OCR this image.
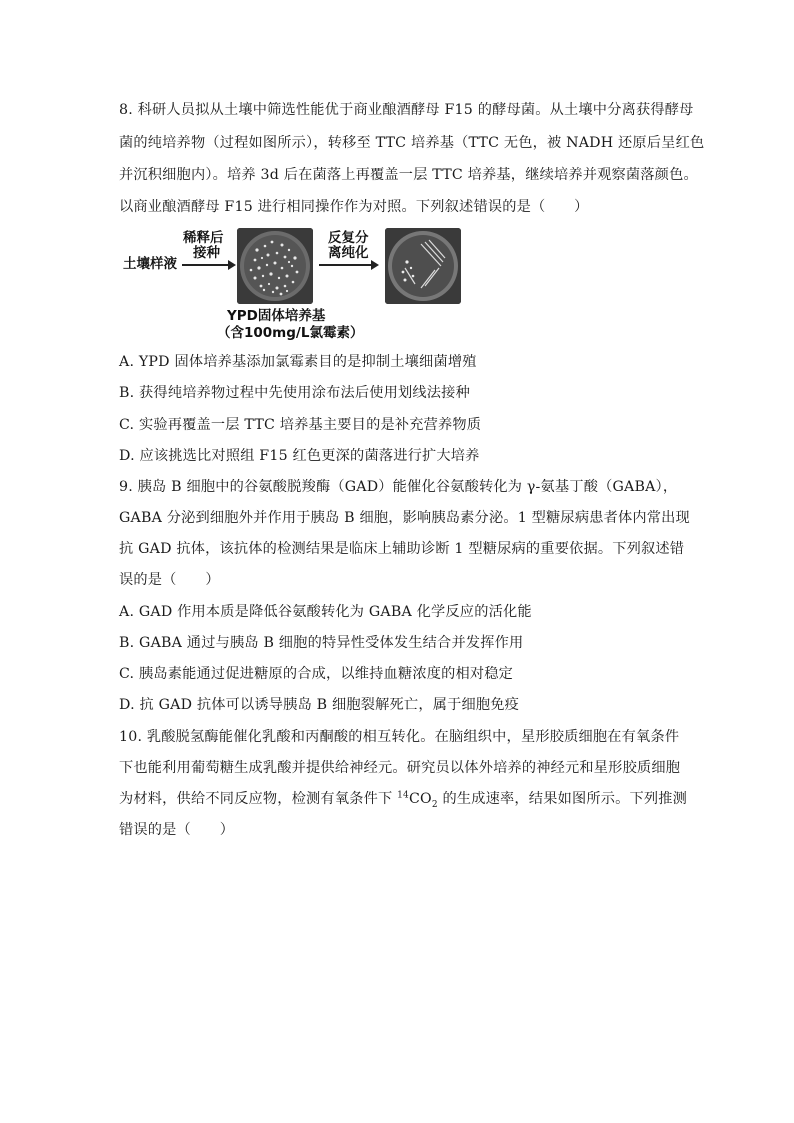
8. 科研人员拟从土壤中筛选性能优于商业酿酒酵母 F15 的酵母菌。从土壤中分离获得酵母
菌的纯培养物（过程如图所示），转移至 TTC 培养基（TTC 无色，被 NADH 还原后呈红色
并沉积细胞内）。培养 3d 后在菌落上再覆盖一层 TTC 培养基，继续培养并观察菌落颜色。
以商业酿酒酵母 F15 进行相同操作作为对照。下列叙述错误的是（　　）
土壤样液
稀释后
接种
反复分
离纯化
YPD固体培养基
（含100mg/L氯霉素）
A. YPD 固体培养基添加氯霉素目的是抑制土壤细菌增殖
B. 获得纯培养物过程中先使用涂布法后使用划线法接种
C. 实验再覆盖一层 TTC 培养基主要目的是补充营养物质
D. 应该挑选比对照组 F15 红色更深的菌落进行扩大培养
9. 胰岛 B 细胞中的谷氨酸脱羧酶（GAD）能催化谷氨酸转化为 γ-氨基丁酸（GABA），
GABA 分泌到细胞外并作用于胰岛 B 细胞，影响胰岛素分泌。1 型糖尿病患者体内常出现
抗 GAD 抗体，该抗体的检测结果是临床上辅助诊断 1 型糖尿病的重要依据。下列叙述错
误的是（　　）
A. GAD 作用本质是降低谷氨酸转化为 GABA 化学反应的活化能
B. GABA 通过与胰岛 B 细胞的特异性受体发生结合并发挥作用
C. 胰岛素能通过促进糖原的合成，以维持血糖浓度的相对稳定
D. 抗 GAD 抗体可以诱导胰岛 B 细胞裂解死亡，属于细胞免疫
10. 乳酸脱氢酶能催化乳酸和丙酮酸的相互转化。在脑组织中，星形胶质细胞在有氧条件
下也能利用葡萄糖生成乳酸并提供给神经元。研究员以体外培养的神经元和星形胶质细胞
为材料，供给不同反应物，检测有氧条件下 $^{14}CO_2$ 的生成速率，结果如图所示。下列推测
错误的是（　　）
